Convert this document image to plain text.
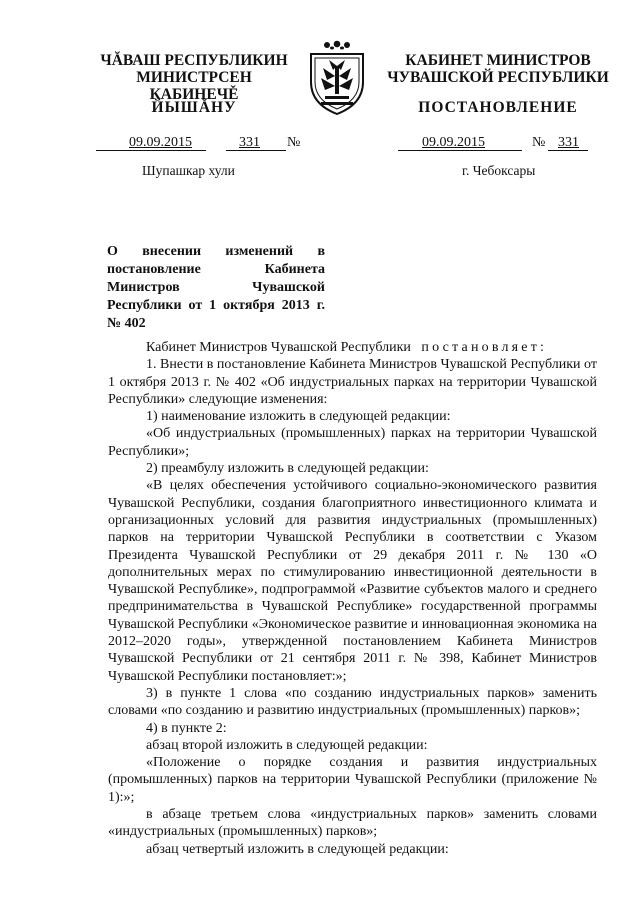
ЧĂВАШ РЕСПУБЛИКИН
МИНИСТРСЕН КАБИНЕЧĚ
ЙЫШĂНУ
КАБИНЕТ МИНИСТРОВ
ЧУВАШСКОЙ РЕСПУБЛИКИ
ПОСТАНОВЛЕНИЕ
09.09.2015	331 №	09.09.2015	№ 331
Шупашкар хули	г. Чебоксары
О внесении изменений в постановление Кабинета Министров Чувашской Республики от 1 октября 2013 г. № 402

Кабинет Министров Чувашской Республики постановляет:

1. Внести в постановление Кабинета Министров Чувашской Республики от 1 октября 2013 г. № 402 «Об индустриальных парках на территории Чувашской Республики» следующие изменения:

1) наименование изложить в следующей редакции:

«Об индустриальных (промышленных) парках на территории Чувашской Республики»;

2) преамбулу изложить в следующей редакции:

«В целях обеспечения устойчивого социально-экономического развития Чувашской Республики, создания благоприятного инвестиционного климата и организационных условий для развития индустриальных (промышленных) парков на территории Чувашской Республики в соответствии с Указом Президента Чувашской Республики от 29 декабря 2011 г. № 130 «О дополнительных мерах по стимулированию инвестиционной деятельности в Чувашской Республике», подпрограммой «Развитие субъектов малого и среднего предпринимательства в Чувашской Республике» государственной программы Чувашской Республики «Экономическое развитие и инновационная экономика на 2012–2020 годы», утвержденной постановлением Кабинета Министров Чувашской Республики от 21 сентября 2011 г. № 398, Кабинет Министров Чувашской Республики постановляет:»;

3) в пункте 1 слова «по созданию индустриальных парков» заменить словами «по созданию и развитию индустриальных (промышленных) парков»;

4) в пункте 2:

абзац второй изложить в следующей редакции:

«Положение о порядке создания и развития индустриальных (промышленных) парков на территории Чувашской Республики (приложение № 1):»;

в абзаце третьем слова «индустриальных парков» заменить словами «индустриальных (промышленных) парков»;

абзац четвертый изложить в следующей редакции:
